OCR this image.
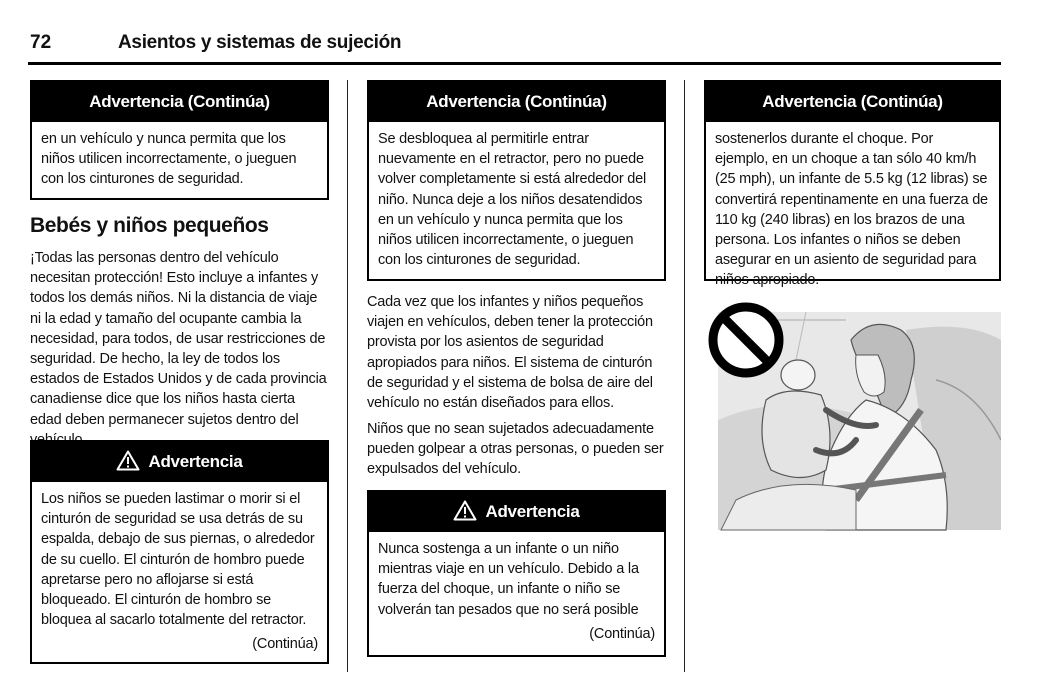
72	Asientos y sistemas de sujeción
Advertencia (Continúa)
en un vehículo y nunca permita que los niños utilicen incorrectamente, o jueguen con los cinturones de seguridad.
Bebés y niños pequeños
¡Todas las personas dentro del vehículo necesitan protección! Esto incluye a infantes y todos los demás niños. Ni la distancia de viaje ni la edad y tamaño del ocupante cambia la necesidad, para todos, de usar restricciones de seguridad. De hecho, la ley de todos los estados de Estados Unidos y de cada provincia canadiense dice que los niños hasta cierta edad deben permanecer sujetos dentro del
Advertencia
Los niños se pueden lastimar o morir si el cinturón de seguridad se usa detrás de su espalda, debajo de sus piernas, o alrededor de su cuello. El cinturón de hombro puede apretarse pero no aflojarse si está bloqueado. El cinturón de hombro se bloquea al sacarlo totalmente del retractor.
(Continúa)
Advertencia (Continúa)
Se desbloquea al permitirle entrar nuevamente en el retractor, pero no puede volver completamente si está alrededor del niño. Nunca deje a los niños desatendidos en un vehículo y nunca permita que los niños utilicen incorrectamente, o jueguen con los cinturones de seguridad.
Cada vez que los infantes y niños pequeños viajen en vehículos, deben tener la protección provista por los asientos de seguridad apropiados para niños. El sistema de cinturón de seguridad y el sistema de bolsa de aire del vehículo no están diseñados para ellos.
Niños que no sean sujetados adecuadamente pueden golpear a otras personas, o pueden ser expulsados del vehículo.
Advertencia
Nunca sostenga a un infante o un niño mientras viaje en un vehículo. Debido a la fuerza del choque, un infante o niño se volverán tan pesados que no será posible
(Continúa)
Advertencia (Continúa)
sostenerlos durante el choque. Por ejemplo, en un choque a tan sólo 40 km/h (25 mph), un infante de 5.5 kg (12 libras) se convertirá repentinamente en una fuerza de 110 kg (240 libras) en los brazos de una persona. Los infantes o niños se deben asegurar en un asiento de seguridad para niños apropiado.
